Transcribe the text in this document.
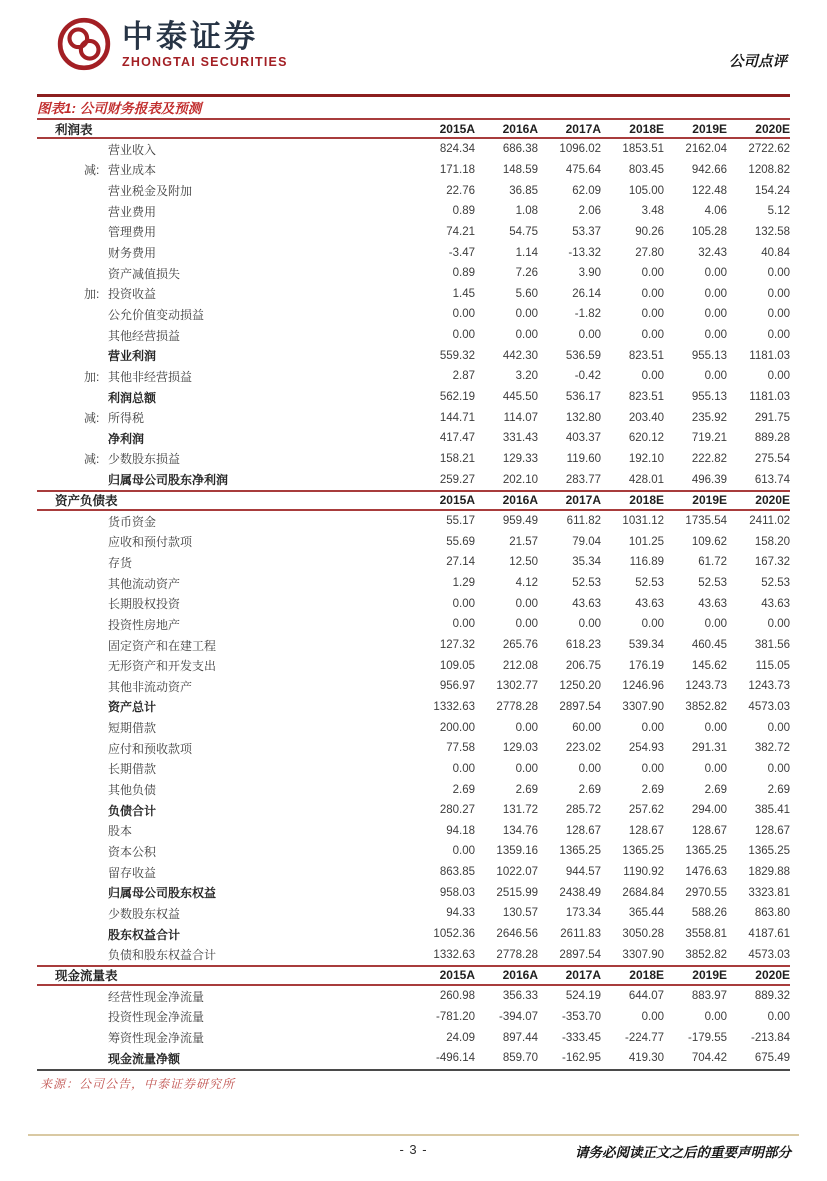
中泰证券
ZHONGTAI SECURITIES	公司点评
图表1: 公司财务报表及预测
利润表	2015A	2016A	2017A	2018E	2019E	2020E
营业收入	824.34	686.38	1096.02	1853.51	2162.04	2722.62
减: 营业成本	171.18	148.59	475.64	803.45	942.66	1208.82
营业税金及附加	22.76	36.85	62.09	105.00	122.48	154.24
营业费用	0.89	1.08	2.06	3.48	4.06	5.12
管理费用	74.21	54.75	53.37	90.26	105.28	132.58
财务费用	-3.47	1.14	-13.32	27.80	32.43	40.84
资产减值损失	0.89	7.26	3.90	0.00	0.00	0.00
加: 投资收益	1.45	5.60	26.14	0.00	0.00	0.00
公允价值变动损益	0.00	0.00	-1.82	0.00	0.00	0.00
其他经营损益	0.00	0.00	0.00	0.00	0.00	0.00
营业利润	559.32	442.30	536.59	823.51	955.13	1181.03
加: 其他非经营损益	2.87	3.20	-0.42	0.00	0.00	0.00
利润总额	562.19	445.50	536.17	823.51	955.13	1181.03
减: 所得税	144.71	114.07	132.80	203.40	235.92	291.75
净利润	417.47	331.43	403.37	620.12	719.21	889.28
减: 少数股东损益	158.21	129.33	119.60	192.10	222.82	275.54
归属母公司股东净利润	259.27	202.10	283.77	428.01	496.39	613.74
资产负债表	2015A	2016A	2017A	2018E	2019E	2020E
货币资金	55.17	959.49	611.82	1031.12	1735.54	2411.02
应收和预付款项	55.69	21.57	79.04	101.25	109.62	158.20
存货	27.14	12.50	35.34	116.89	61.72	167.32
其他流动资产	1.29	4.12	52.53	52.53	52.53	52.53
长期股权投资	0.00	0.00	43.63	43.63	43.63	43.63
投资性房地产	0.00	0.00	0.00	0.00	0.00	0.00
固定资产和在建工程	127.32	265.76	618.23	539.34	460.45	381.56
无形资产和开发支出	109.05	212.08	206.75	176.19	145.62	115.05
其他非流动资产	956.97	1302.77	1250.20	1246.96	1243.73	1243.73
资产总计	1332.63	2778.28	2897.54	3307.90	3852.82	4573.03
短期借款	200.00	0.00	60.00	0.00	0.00	0.00
应付和预收款项	77.58	129.03	223.02	254.93	291.31	382.72
长期借款	0.00	0.00	0.00	0.00	0.00	0.00
其他负债	2.69	2.69	2.69	2.69	2.69	2.69
负债合计	280.27	131.72	285.72	257.62	294.00	385.41
股本	94.18	134.76	128.67	128.67	128.67	128.67
资本公积	0.00	1359.16	1365.25	1365.25	1365.25	1365.25
留存收益	863.85	1022.07	944.57	1190.92	1476.63	1829.88
归属母公司股东权益	958.03	2515.99	2438.49	2684.84	2970.55	3323.81
少数股东权益	94.33	130.57	173.34	365.44	588.26	863.80
股东权益合计	1052.36	2646.56	2611.83	3050.28	3558.81	4187.61
负债和股东权益合计	1332.63	2778.28	2897.54	3307.90	3852.82	4573.03
现金流量表	2015A	2016A	2017A	2018E	2019E	2020E
经营性现金净流量	260.98	356.33	524.19	644.07	883.97	889.32
投资性现金净流量	-781.20	-394.07	-353.70	0.00	0.00	0.00
筹资性现金净流量	24.09	897.44	-333.45	-224.77	-179.55	-213.84
现金流量净额	-496.14	859.70	-162.95	419.30	704.42	675.49
来源：公司公告，中泰证券研究所
- 3 -	请务必阅读正文之后的重要声明部分
